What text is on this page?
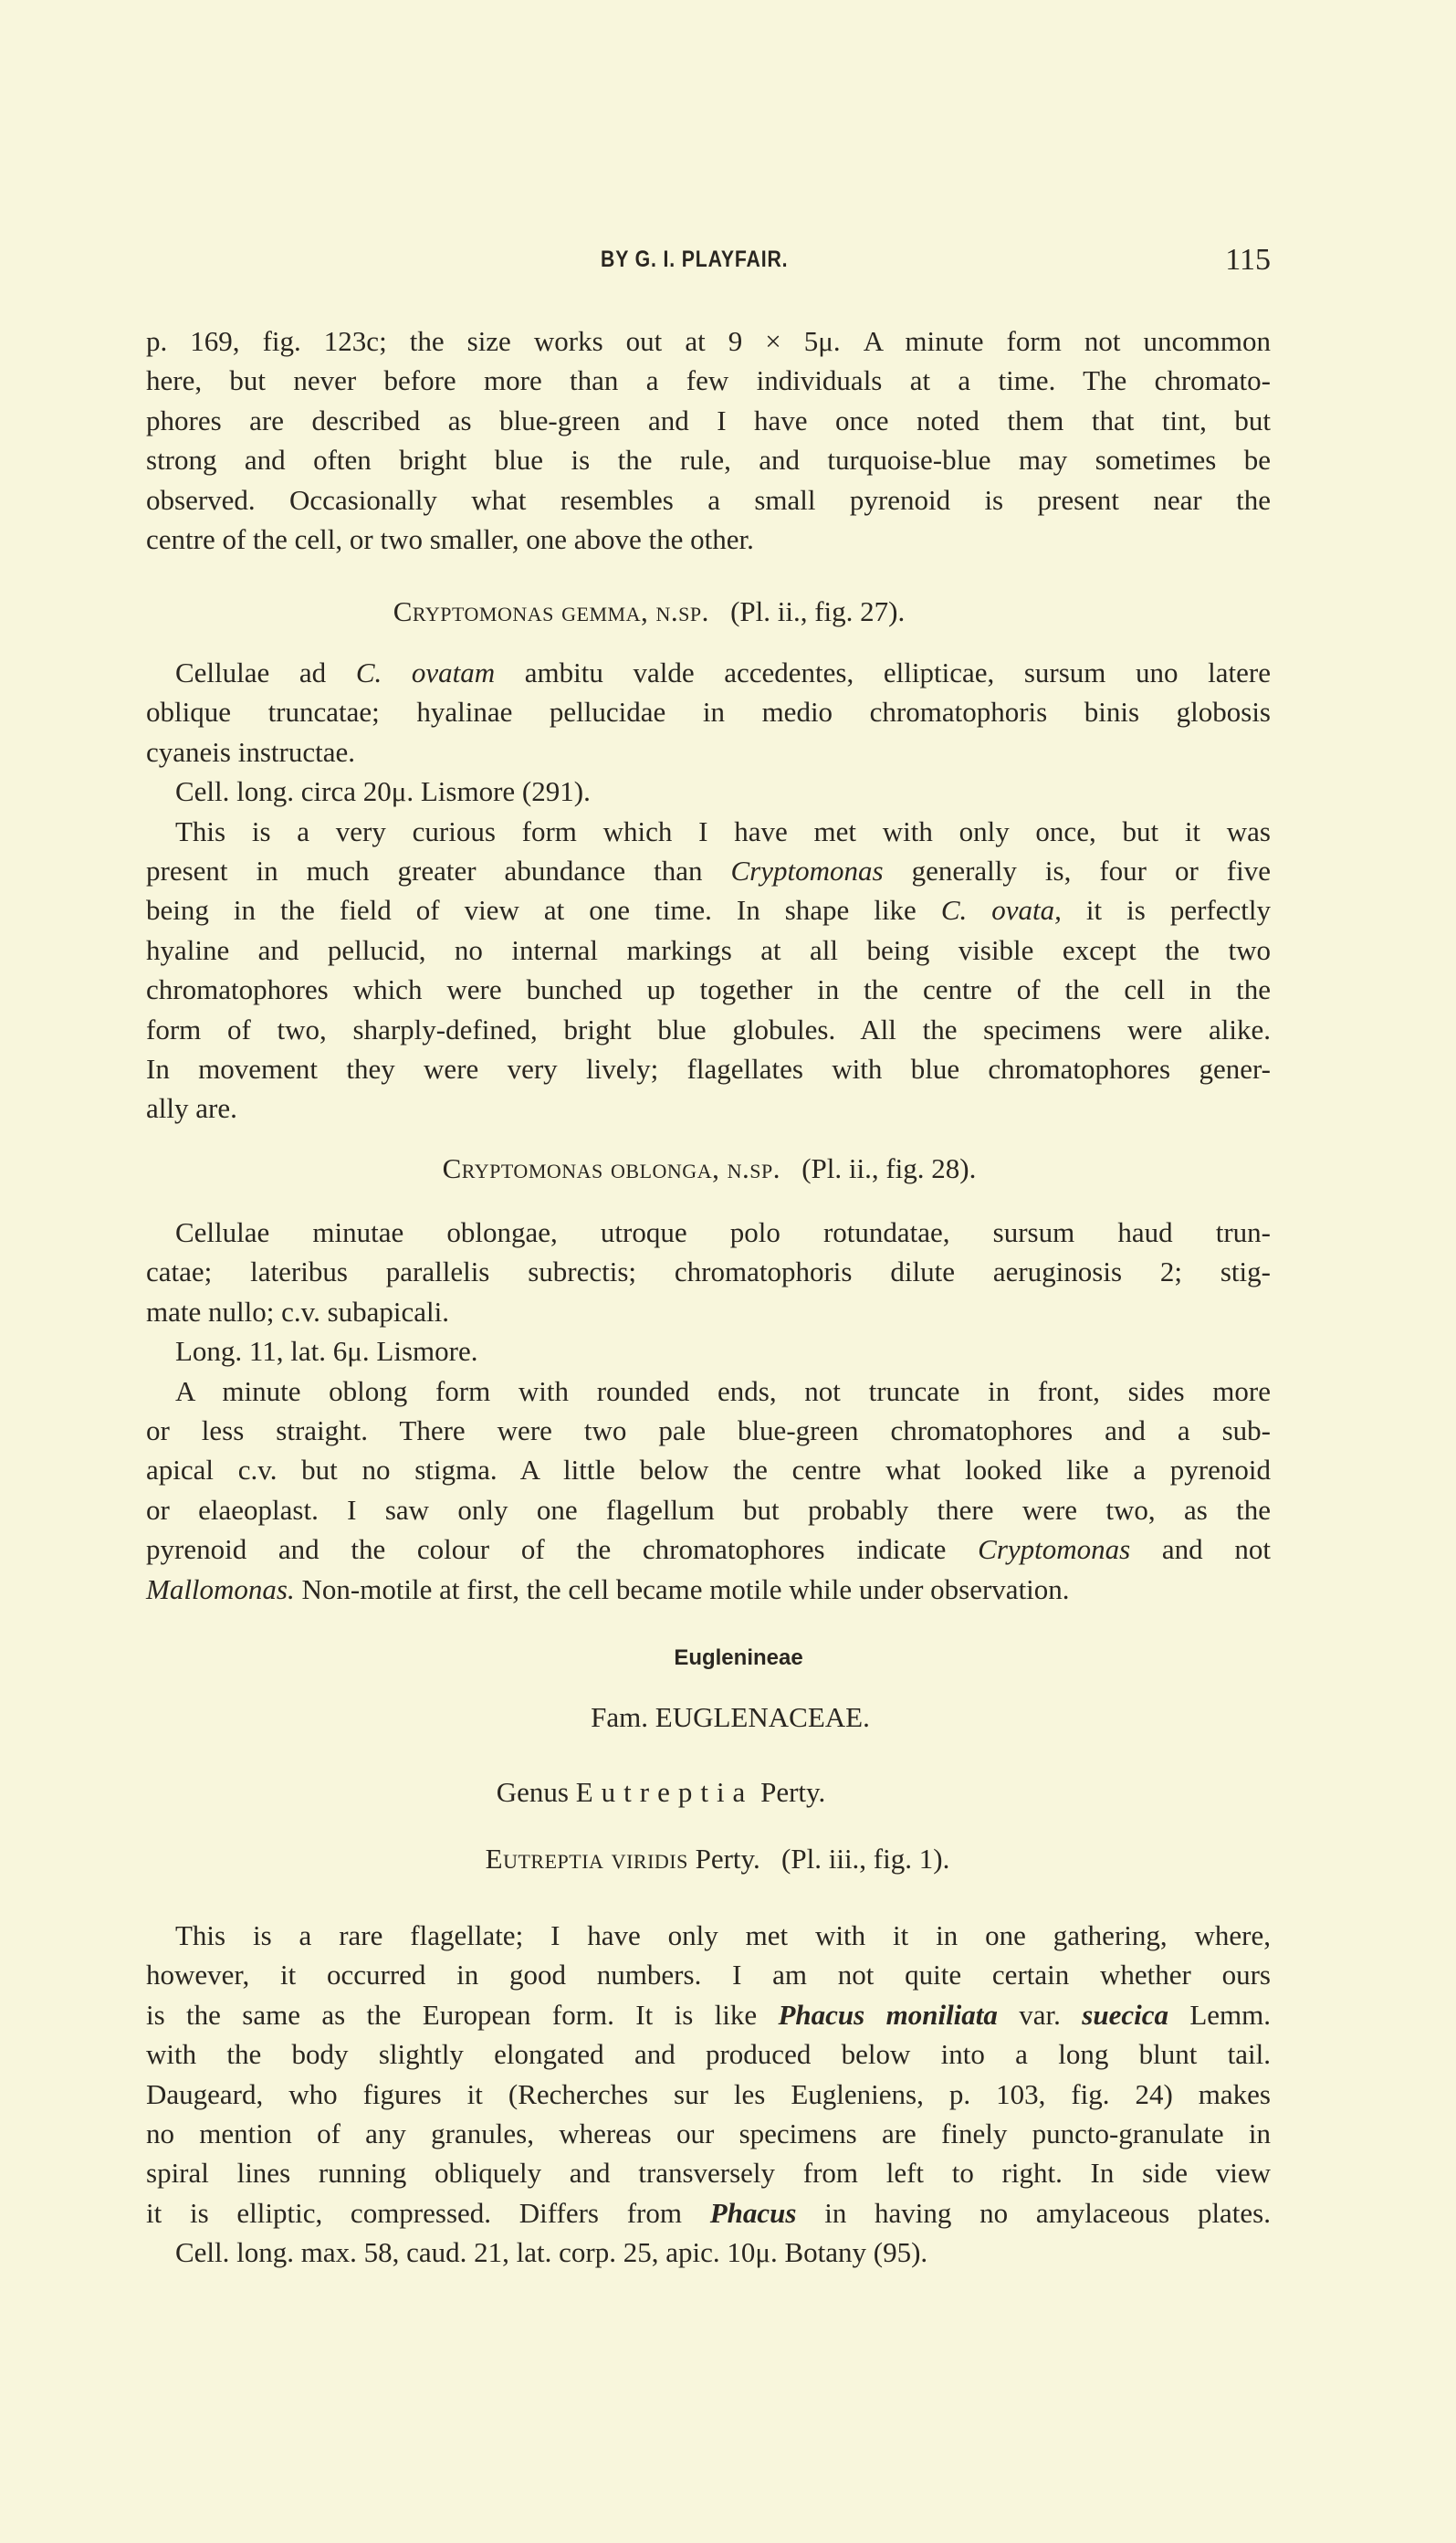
BY G. I. PLAYFAIR.	115
p. 169, fig. 123c; the size works out at 9 × 5μ. A minute form not uncommon
here, but never before more than a few individuals at a time. The chromato-
phores are described as blue-green and I have once noted them that tint, but
strong and often bright blue is the rule, and turquoise-blue may sometimes be
observed. Occasionally what resembles a small pyrenoid is present near the
centre of the cell, or two smaller, one above the other.
Cryptomonas gemma, n.sp. (Pl. ii., fig. 27).
Cellulae ad C. ovatam ambitu valde accedentes, ellipticae, sursum uno latere
oblique truncatae; hyalinae pellucidae in medio chromatophoris binis globosis
cyaneis instructae.
Cell. long. circa 20μ. Lismore (291).
This is a very curious form which I have met with only once, but it was
present in much greater abundance than Cryptomonas generally is, four or five
being in the field of view at one time. In shape like C. ovata, it is perfectly
hyaline and pellucid, no internal markings at all being visible except the two
chromatophores which were bunched up together in the centre of the cell in the
form of two, sharply-defined, bright blue globules. All the specimens were alike.
In movement they were very lively; flagellates with blue chromatophores gener-
ally are.
Cryptomonas oblonga, n.sp. (Pl. ii., fig. 28).
Cellulae minutae oblongae, utroque polo rotundatae, sursum haud trun-
catae; lateribus parallelis subrectis; chromatophoris dilute aeruginosis 2; stig-
mate nullo; c.v. subapicali.
Long. 11, lat. 6μ. Lismore.
A minute oblong form with rounded ends, not truncate in front, sides more
or less straight. There were two pale blue-green chromatophores and a sub-
apical c.v. but no stigma. A little below the centre what looked like a pyrenoid
or elaeoplast. I saw only one flagellum but probably there were two, as the
pyrenoid and the colour of the chromatophores indicate Cryptomonas and not
Mallomonas. Non-motile at first, the cell became motile while under observation.
Euglenineae
Fam. EUGLENACEAE.
Genus Eutreptia Perty.
Eutreptia viridis Perty. (Pl. iii., fig. 1).
This is a rare flagellate; I have only met with it in one gathering, where,
however, it occurred in good numbers. I am not quite certain whether ours
is the same as the European form. It is like Phacus moniliata var. suecica Lemm.
with the body slightly elongated and produced below into a long blunt tail.
Daugeard, who figures it (Recherches sur les Eugleniens, p. 103, fig. 24) makes
no mention of any granules, whereas our specimens are finely puncto-granulate in
spiral lines running obliquely and transversely from left to right. In side view
it is elliptic, compressed. Differs from Phacus in having no amylaceous plates.
Cell. long. max. 58, caud. 21, lat. corp. 25, apic. 10μ. Botany (95).
